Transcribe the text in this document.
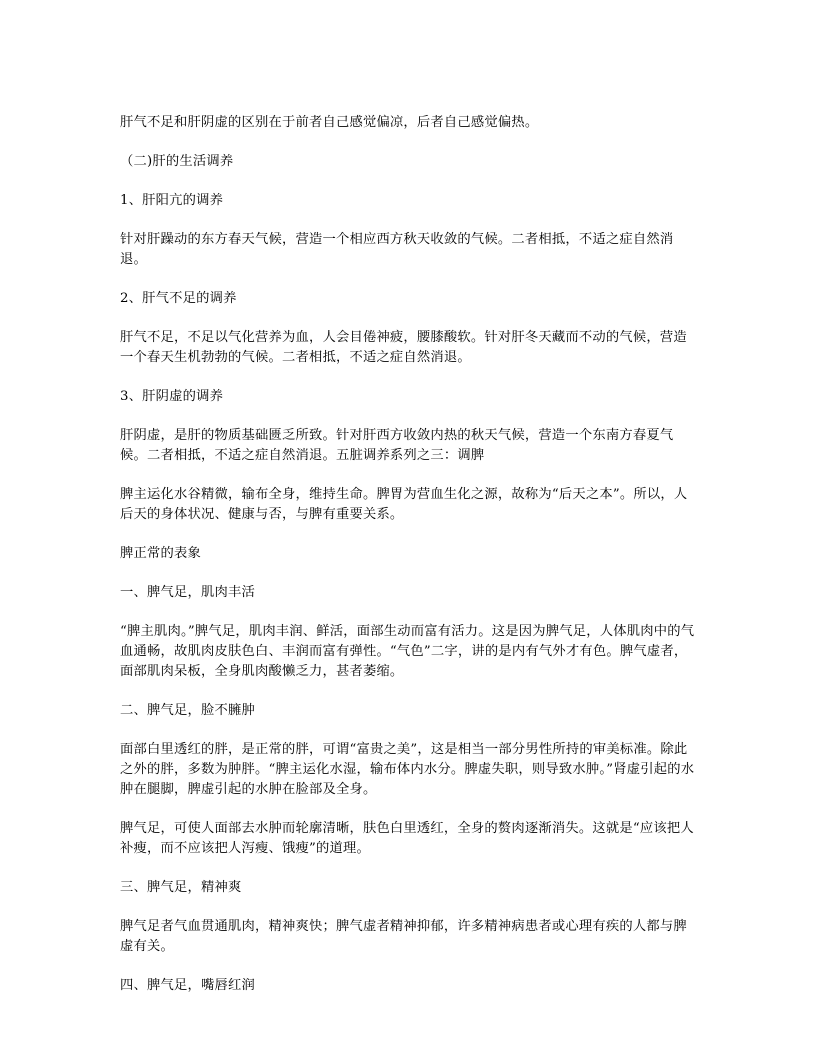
肝气不足和肝阴虚的区别在于前者自己感觉偏凉，后者自己感觉偏热。

（二)肝的生活调养

1、肝阳亢的调养

针对肝躁动的东方春天气候，营造一个相应西方秋天收敛的气候。二者相抵，不适之症自然消退。

2、肝气不足的调养

肝气不足，不足以气化营养为血，人会目倦神疲，腰膝酸软。针对肝冬天藏而不动的气候，营造一个春天生机勃勃的气候。二者相抵，不适之症自然消退。

3、肝阴虚的调养

肝阴虚，是肝的物质基础匮乏所致。针对肝西方收敛内热的秋天气候，营造一个东南方春夏气候。二者相抵，不适之症自然消退。五脏调养系列之三：调脾

脾主运化水谷精微，输布全身，维持生命。脾胃为营血生化之源，故称为“后天之本”。所以，人后天的身体状况、健康与否，与脾有重要关系。

脾正常的表象

一、脾气足，肌肉丰活

“脾主肌肉。”脾气足，肌肉丰润、鲜活，面部生动而富有活力。这是因为脾气足，人体肌肉中的气血通畅，故肌肉皮肤色白、丰润而富有弹性。“气色”二字，讲的是内有气外才有色。脾气虚者，面部肌肉呆板，全身肌肉酸懒乏力，甚者萎缩。

二、脾气足，脸不臃肿

面部白里透红的胖，是正常的胖，可谓“富贵之美”，这是相当一部分男性所持的审美标准。除此之外的胖，多数为肿胖。“脾主运化水湿，输布体内水分。脾虚失职，则导致水肿。”肾虚引起的水肿在腿脚，脾虚引起的水肿在脸部及全身。

脾气足，可使人面部去水肿而轮廓清晰，肤色白里透红，全身的赘肉逐渐消失。这就是“应该把人补瘦，而不应该把人泻瘦、饿瘦”的道理。

三、脾气足，精神爽

脾气足者气血贯通肌肉，精神爽快；脾气虚者精神抑郁，许多精神病患者或心理有疾的人都与脾虚有关。

四、脾气足，嘴唇红润
